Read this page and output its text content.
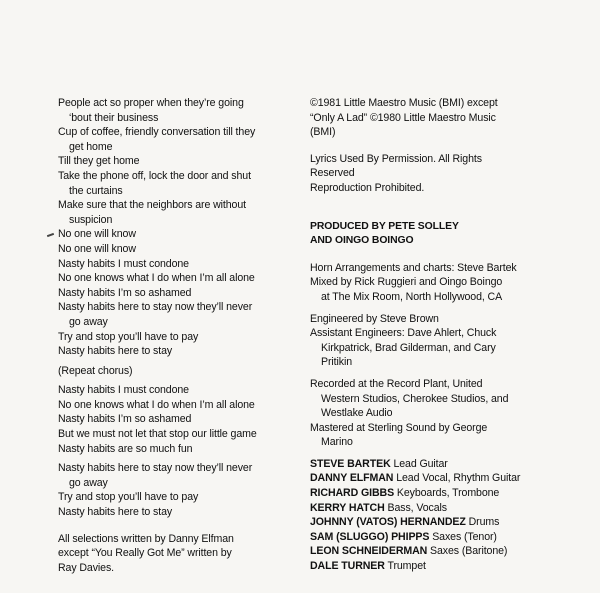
People act so proper when they’re going
‘bout their business
Cup of coffee, friendly conversation till they
get home
Till they get home
Take the phone off, lock the door and shut
the curtains
Make sure that the neighbors are without
suspicion
No one will know
No one will know
Nasty habits I must condone
No one knows what I do when I’m all alone
Nasty habits I’m so ashamed
Nasty habits here to stay now they’ll never
go away
Try and stop you’ll have to pay
Nasty habits here to stay
(Repeat chorus)
Nasty habits I must condone
No one knows what I do when I’m all alone
Nasty habits I’m so ashamed
But we must not let that stop our little game
Nasty habits are so much fun
Nasty habits here to stay now they’ll never
go away
Try and stop you’ll have to pay
Nasty habits here to stay
All selections written by Danny Elfman
except “You Really Got Me” written by
Ray Davies.
©1981 Little Maestro Music (BMI) except
“Only A Lad” ©1980 Little Maestro Music
(BMI)
Lyrics Used By Permission. All Rights
Reserved
Reproduction Prohibited.
PRODUCED BY PETE SOLLEY
AND OINGO BOINGO
Horn Arrangements and charts: Steve Bartek
Mixed by Rick Ruggieri and Oingo Boingo
at The Mix Room, North Hollywood, CA
Engineered by Steve Brown
Assistant Engineers: Dave Ahlert, Chuck
Kirkpatrick, Brad Gilderman, and Cary
Pritikin
Recorded at the Record Plant, United
Western Studios, Cherokee Studios, and
Westlake Audio
Mastered at Sterling Sound by George
Marino
STEVE BARTEK Lead Guitar
DANNY ELFMAN Lead Vocal, Rhythm Guitar
RICHARD GIBBS Keyboards, Trombone
KERRY HATCH Bass, Vocals
JOHNNY (VATOS) HERNANDEZ Drums
SAM (SLUGGO) PHIPPS Saxes (Tenor)
LEON SCHNEIDERMAN Saxes (Baritone)
DALE TURNER Trumpet
